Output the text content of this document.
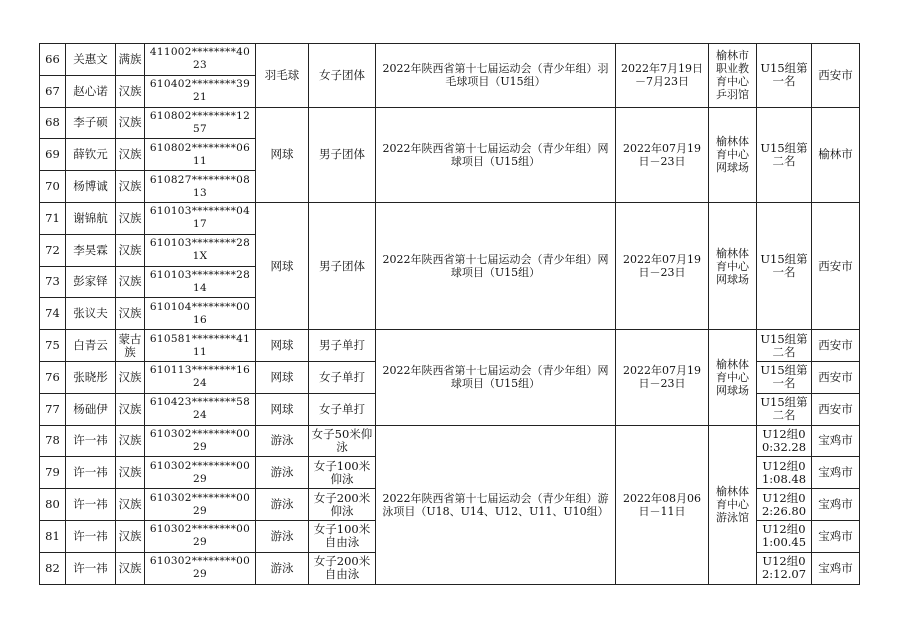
66	关惠文	满族	411002********4023	羽毛球	女子团体	2022年陕西省第十七届运动会（青少年组）羽毛球项目（U15组）	2022年7月19日－7月23日	榆林市职业教育中心乒羽馆	U15组第一名	西安市
67	赵心诺	汉族	610402********3921							
68	李子硕	汉族	610802********1257	网球	男子团体	2022年陕西省第十七届运动会（青少年组）网球项目（U15组）	2022年07月19日－23日	榆林体育中心网球场	U15组第二名	榆林市
69	薛钦元	汉族	610802********0611							
70	杨博诚	汉族	610827********0813							
71	谢锦航	汉族	610103********0417	网球	男子团体	2022年陕西省第十七届运动会（青少年组）网球项目（U15组）	2022年07月19日－23日	榆林体育中心网球场	U15组第一名	西安市
72	李昊霖	汉族	610103********281X							
73	彭家铎	汉族	610103********2814							
74	张议夫	汉族	610104********0016							
75	白青云	蒙古族	610581********4111	网球	男子单打	2022年陕西省第十七届运动会（青少年组）网球项目（U15组）	2022年07月19日－23日	榆林体育中心网球场	U15组第二名	西安市
76	张晓彤	汉族	610113********1624	网球	女子单打				U15组第一名	西安市
77	杨础伊	汉族	610423********5824	网球	女子单打				U15组第二名	西安市
78	许一祎	汉族	610302********0029	游泳	女子50米仰泳	2022年陕西省第十七届运动会（青少年组）游泳项目（U18、U14、U12、U11、U10组）	2022年08月06日－11日	榆林体育中心游泳馆	U12组00:32.28	宝鸡市
79	许一祎	汉族	610302********0029	游泳	女子100米仰泳				U12组01:08.48	宝鸡市
80	许一祎	汉族	610302********0029	游泳	女子200米仰泳				U12组02:26.80	宝鸡市
81	许一祎	汉族	610302********0029	游泳	女子100米自由泳				U12组01:00.45	宝鸡市
82	许一祎	汉族	610302********0029	游泳	女子200米自由泳				U12组02:12.07	宝鸡市
